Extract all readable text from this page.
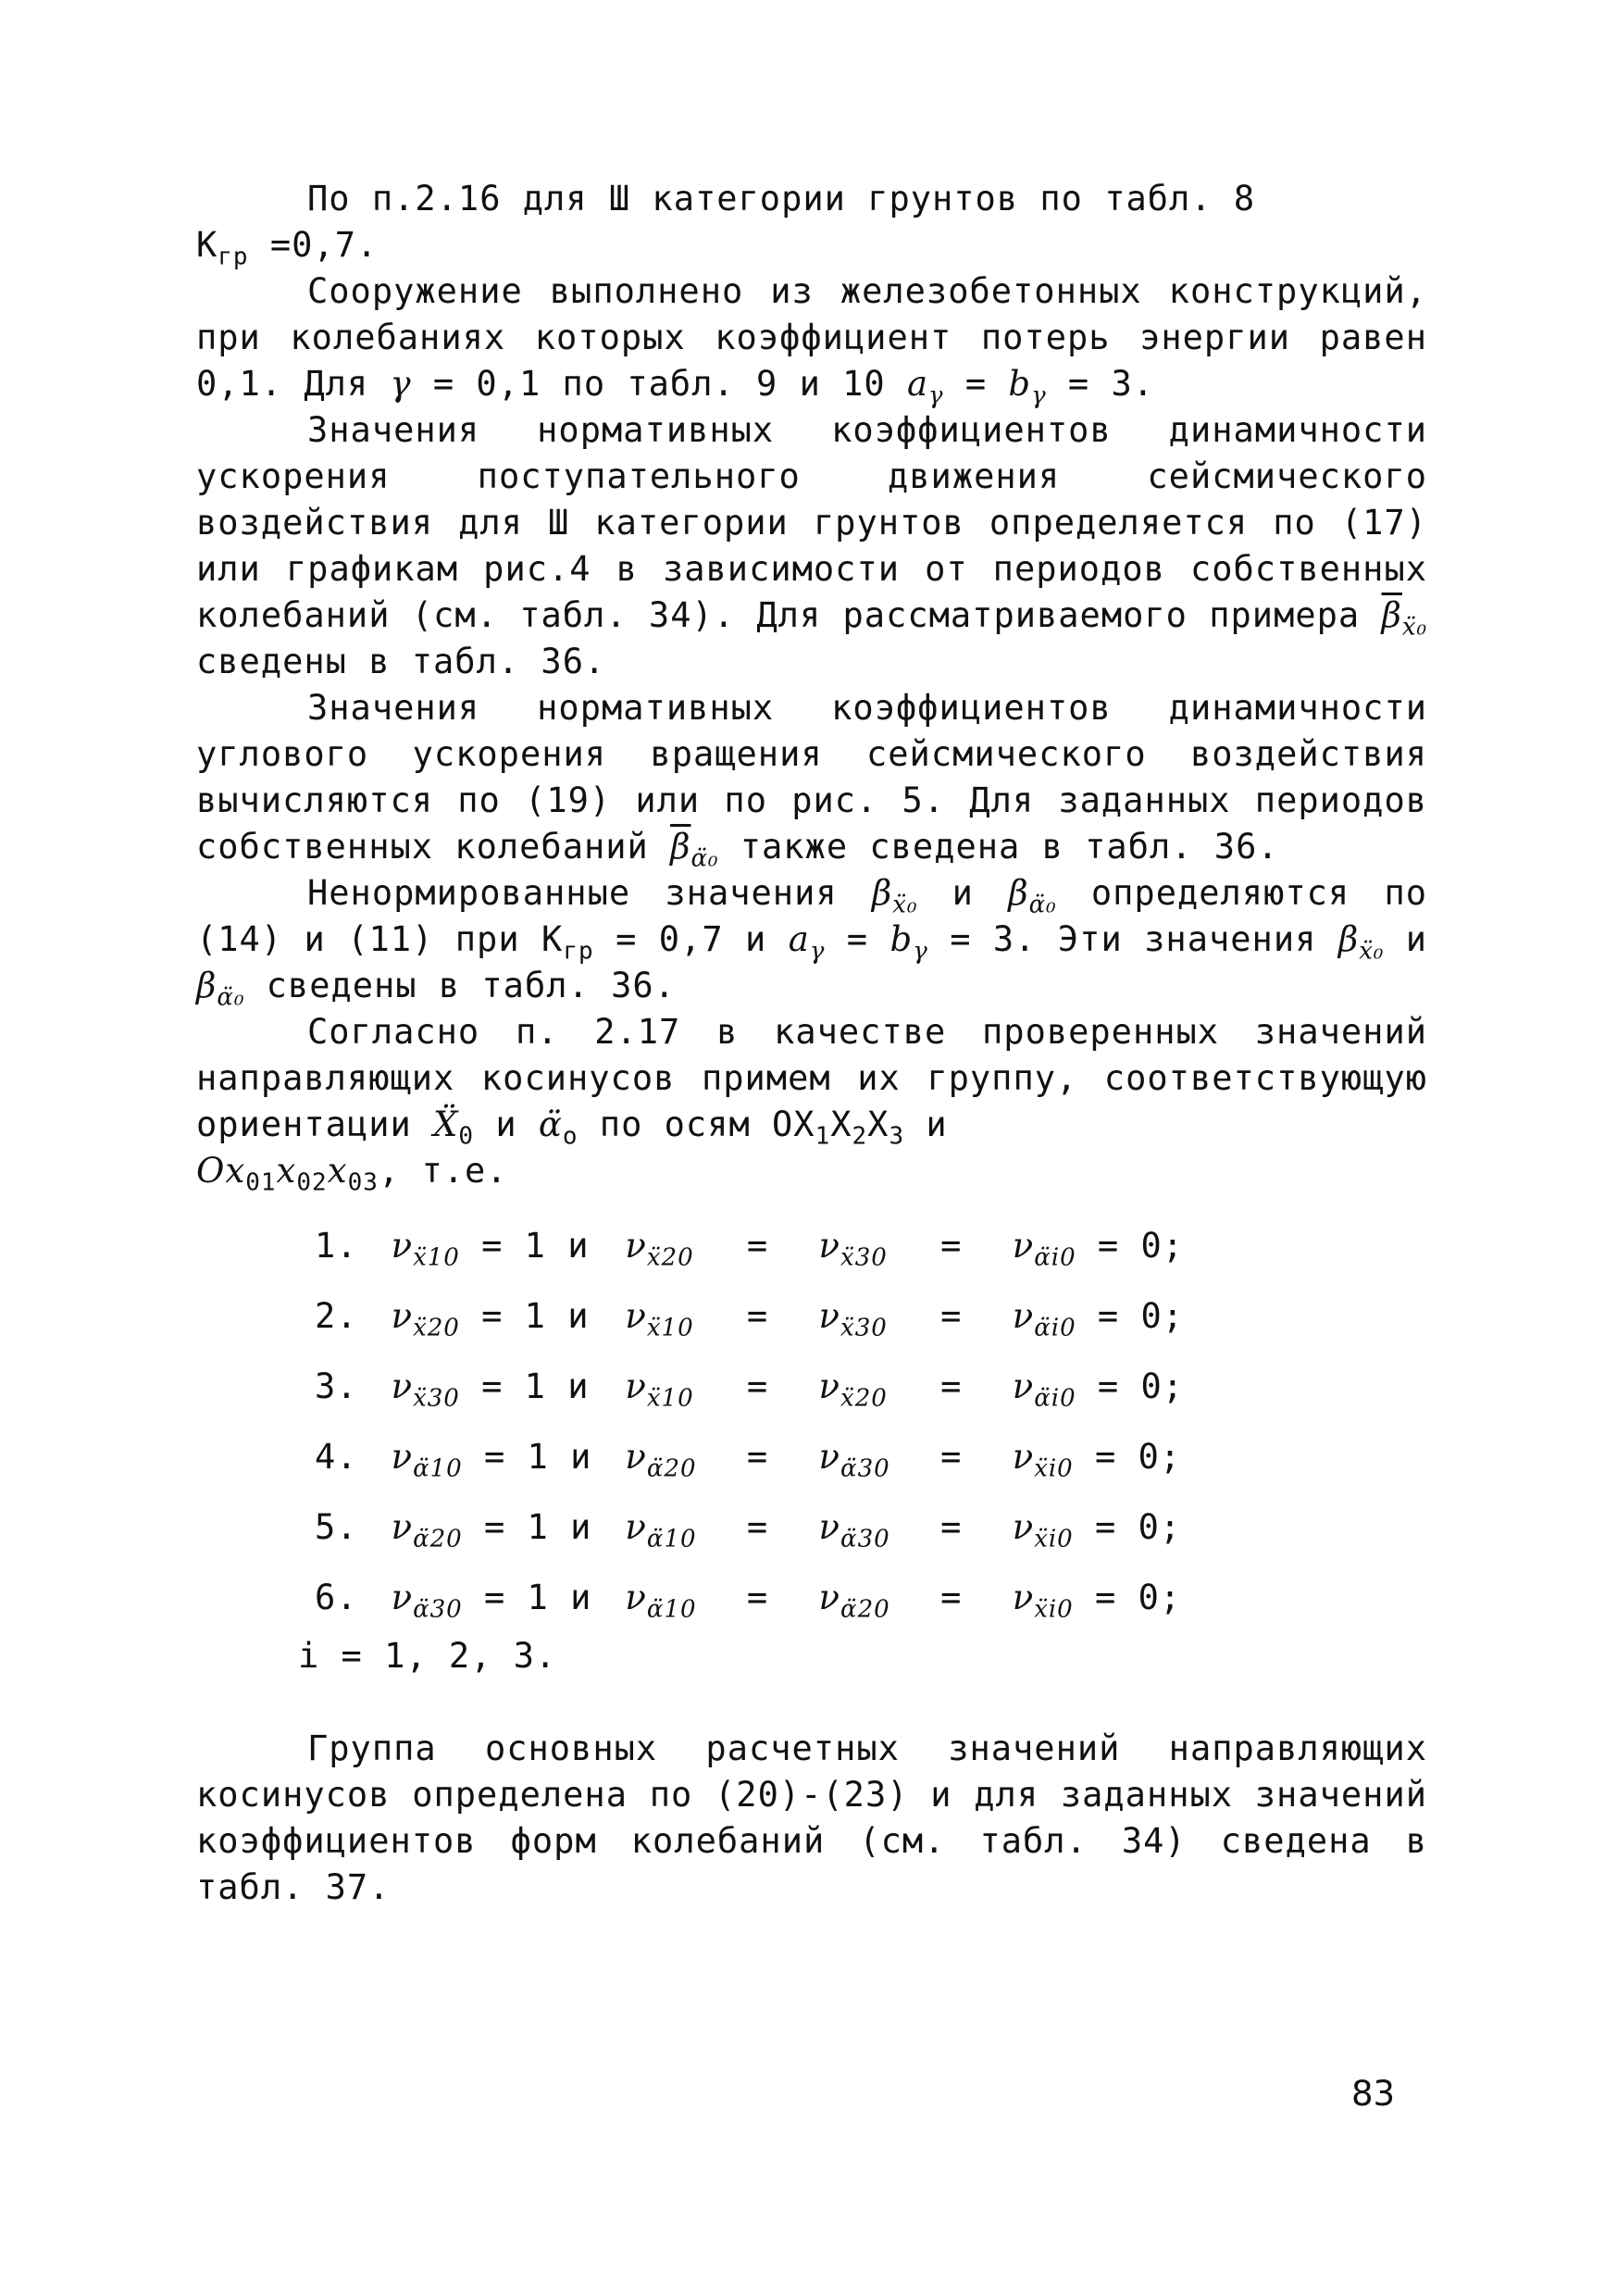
По п.2.16 для Ш категории грунтов по табл. 8
$К_{гр} =0,7$.

Сооружение выполнено из железобетонных конструкций, при колебаниях которых коэффициент потерь энергии равен 0,1. Для γ = 0,1 по табл. 9 и 10 $a_\gamma = b_\gamma = 3$.

Значения нормативных коэффициентов динамичности ускорения поступательного движения сейсмического воздействия для Ш категории грунтов определяется по (17) или графикам рис.4 в зависимости от периодов собственных колебаний (см. табл. 34). Для рассматриваемого примера $\overline{\beta}_{ẍ_0}$ сведены в табл. 36.

Значения нормативных коэффициентов динамичности углового ускорения вращения сейсмического воздействия вычисляются по (19) или по рис. 5. Для заданных периодов собственных колебаний $\overline{\beta}_{\alphä_0}$ также сведена в табл. 36.

Ненормированные значения $\beta_{ẍ_0}$ и $\beta_{\alphä_0}$ определяются по (14) и (11) при $К_{гр} = 0,7$ и $a_\gamma = b_\gamma = 3$. Эти значения $\beta_{ẍ_0}$ и $\beta_{\alphä_0}$ сведены в табл. 36.

Согласно п. 2.17 в качестве проверенных значений направляющих косинусов примем их группу, соответствующую ориентации Ẍ$_0$ и $\alphä_o$ по осям $OX_1X_2X_3$ и
$Ox_{01}x_{02}x_{03}$, т.е.

1.	$\nu_{ẍ10} = 1$ и	$\nu_{ẍ20}$	=	$\nu_{ẍ30}$	=	$\nu_{\alphäi0} = 0$;
2.	$\nu_{ẍ20} = 1$ и	$\nu_{ẍ10}$	=	$\nu_{ẍ30}$	=	$\nu_{\alphäi0} = 0$;
3.	$\nu_{ẍ30} = 1$ и	$\nu_{ẍ10}$	=	$\nu_{ẍ20}$	=	$\nu_{\alphäi0} = 0$;
4.	$\nu_{\alphä10} = 1$ и	$\nu_{\alphä20}$	=	$\nu_{\alphä30}$	=	$\nu_{ẍi0} = 0$;
5.	$\nu_{\alphä20} = 1$ и	$\nu_{\alphä10}$	=	$\nu_{\alphä30}$	=	$\nu_{ẍi0} = 0$;
6.	$\nu_{\alphä30} = 1$ и	$\nu_{\alphä10}$	=	$\nu_{\alphä20}$	=	$\nu_{ẍi0} = 0$;
i = 1, 2, 3.

Группа основных расчетных значений направляющих косинусов определена по (20)-(23) и для заданных значений коэффициентов форм колебаний (см. табл. 34) сведена в табл. 37.

83
